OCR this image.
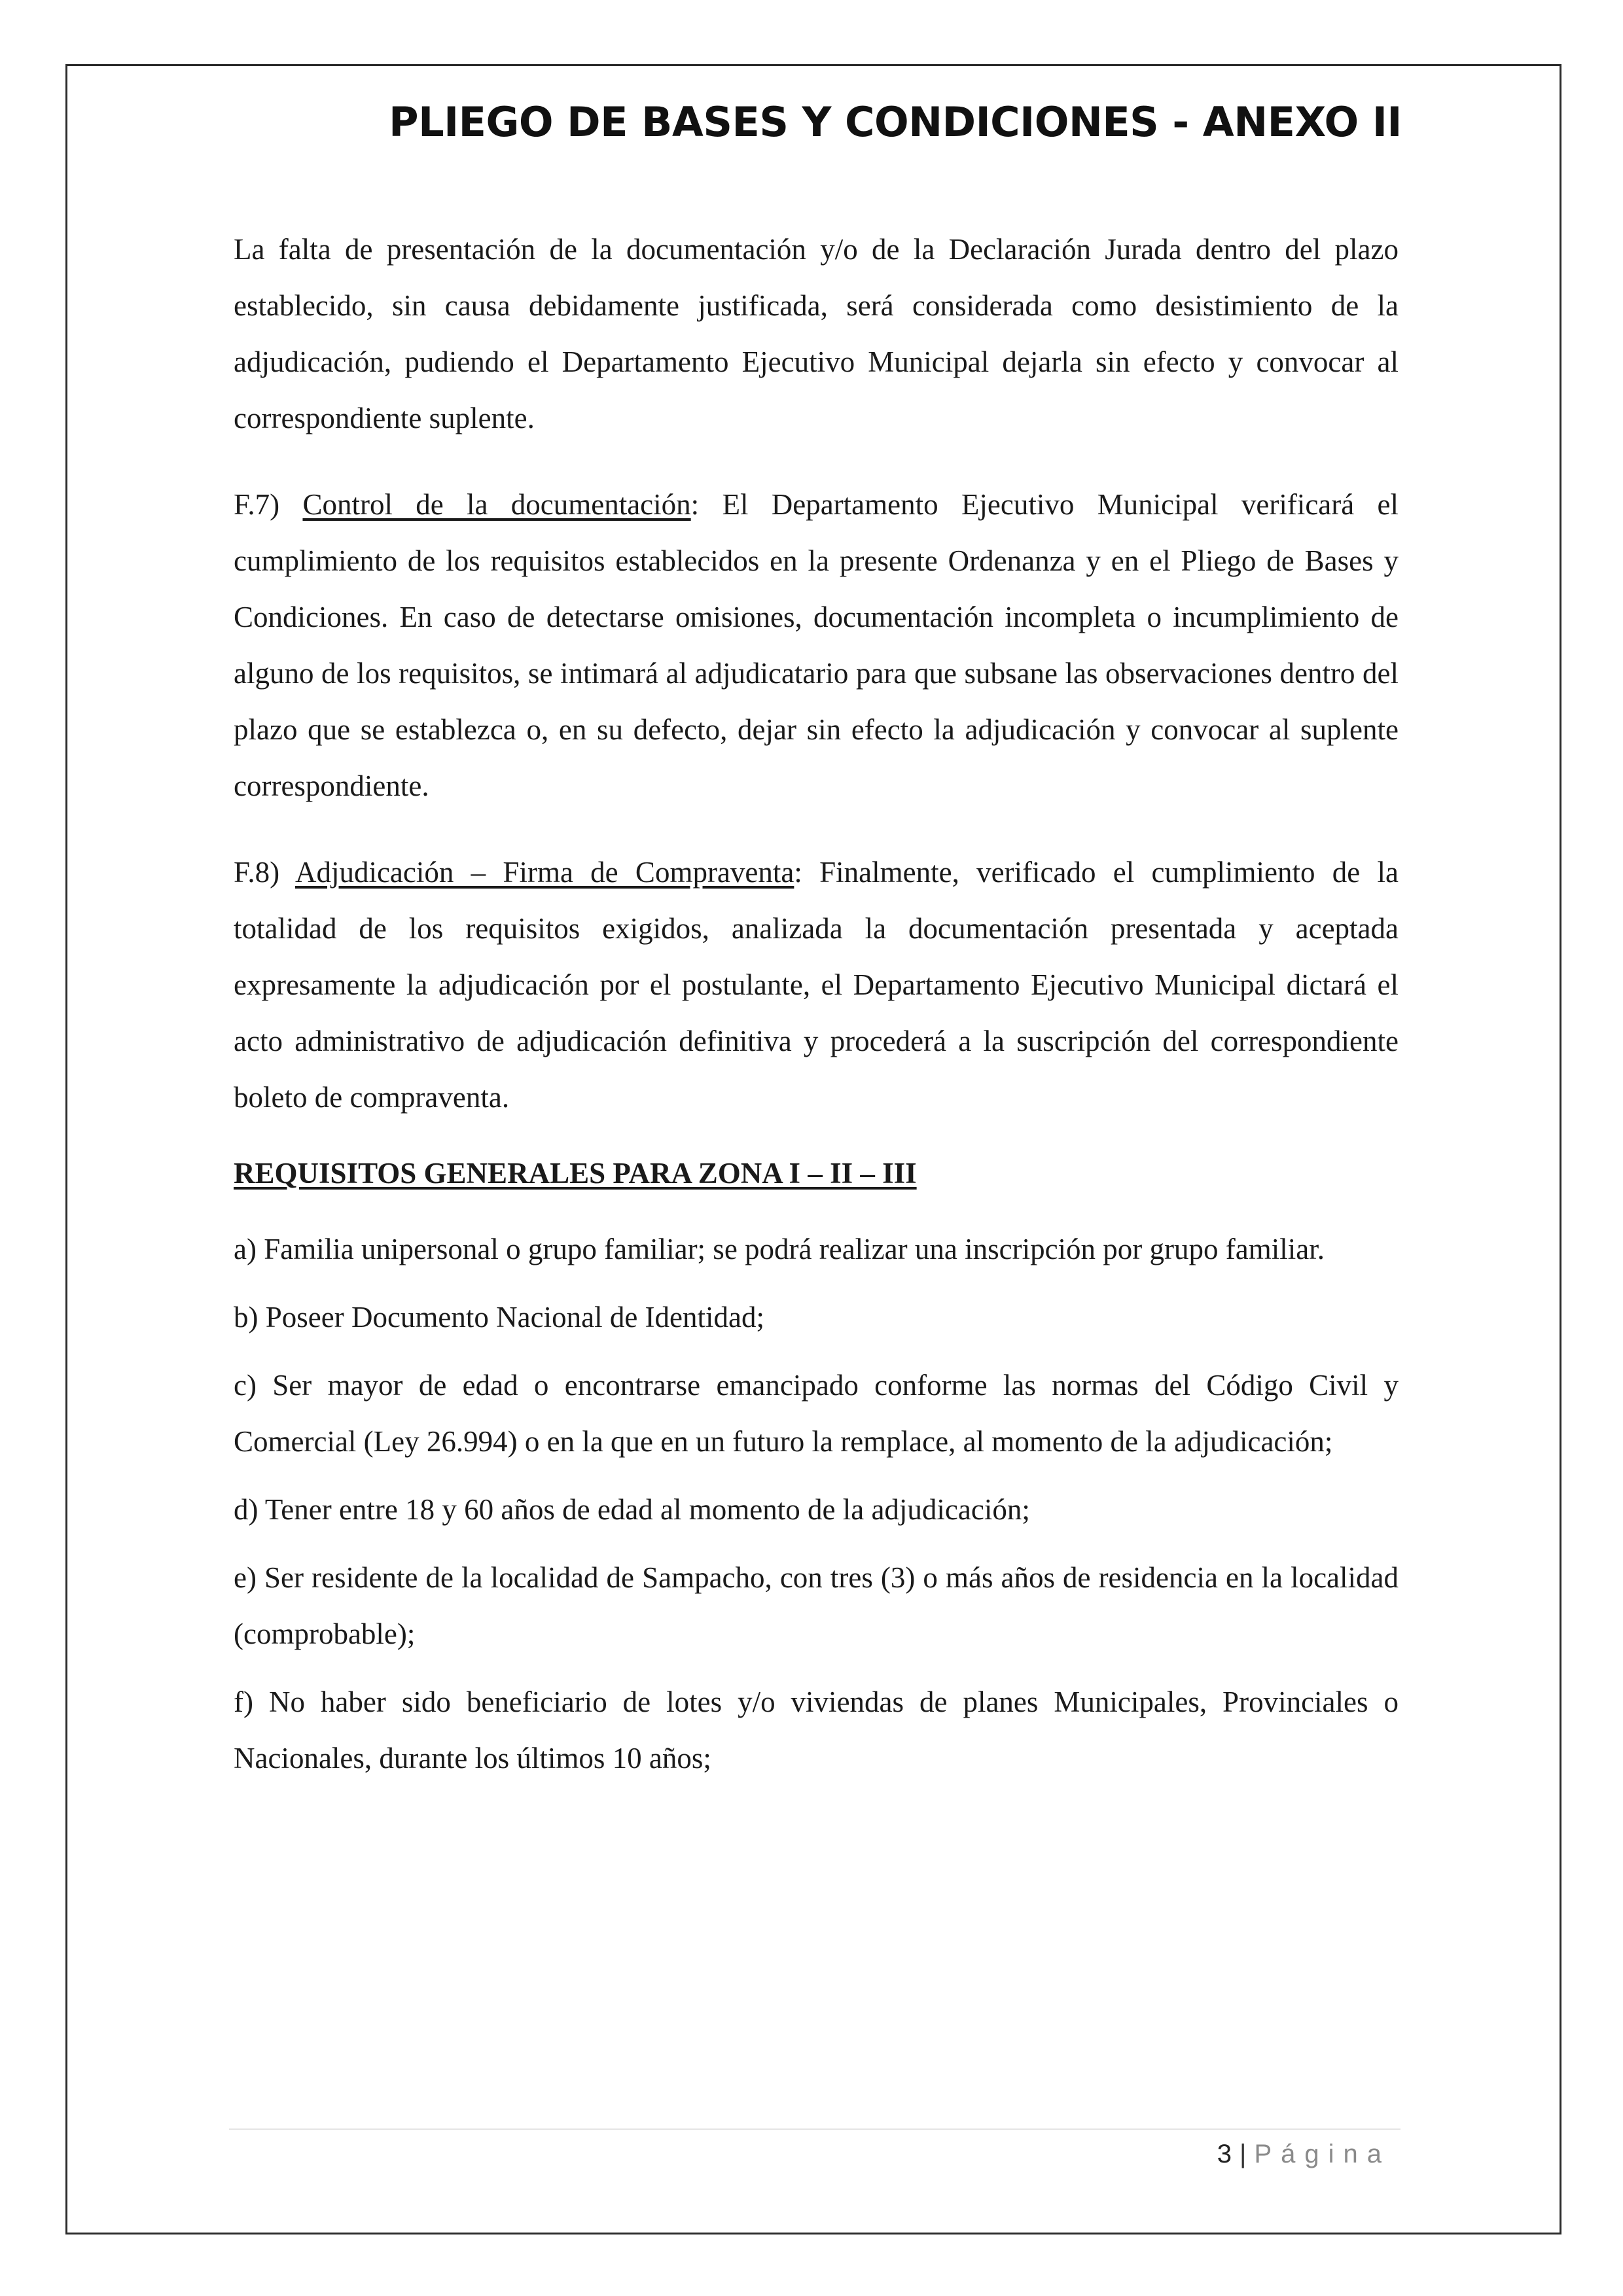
PLIEGO DE BASES Y CONDICIONES - ANEXO II

La falta de presentación de la documentación y/o de la Declaración Jurada dentro del plazo establecido, sin causa debidamente justificada, será considerada como desistimiento de la adjudicación, pudiendo el Departamento Ejecutivo Municipal dejarla sin efecto y convocar al correspondiente suplente.

F.7) Control de la documentación: El Departamento Ejecutivo Municipal verificará el cumplimiento de los requisitos establecidos en la presente Ordenanza y en el Pliego de Bases y Condiciones. En caso de detectarse omisiones, documentación incompleta o incumplimiento de alguno de los requisitos, se intimará al adjudicatario para que subsane las observaciones dentro del plazo que se establezca o, en su defecto, dejar sin efecto la adjudicación y convocar al suplente correspondiente.

F.8) Adjudicación – Firma de Compraventa: Finalmente, verificado el cumplimiento de la totalidad de los requisitos exigidos, analizada la documentación presentada y aceptada expresamente la adjudicación por el postulante, el Departamento Ejecutivo Municipal dictará el acto administrativo de adjudicación definitiva y procederá a la suscripción del correspondiente boleto de compraventa.

REQUISITOS GENERALES PARA ZONA I – II – III

a) Familia unipersonal o grupo familiar; se podrá realizar una inscripción por grupo familiar.

b) Poseer Documento Nacional de Identidad;

c) Ser mayor de edad o encontrarse emancipado conforme las normas del Código Civil y Comercial (Ley 26.994) o en la que en un futuro la remplace, al momento de la adjudicación;

d) Tener entre 18 y 60 años de edad al momento de la adjudicación;

e) Ser residente de la localidad de Sampacho, con tres (3) o más años de residencia en la localidad (comprobable);

f) No haber sido beneficiario de lotes y/o viviendas de planes Municipales, Provinciales o Nacionales, durante los últimos 10 años;

3 | Página
